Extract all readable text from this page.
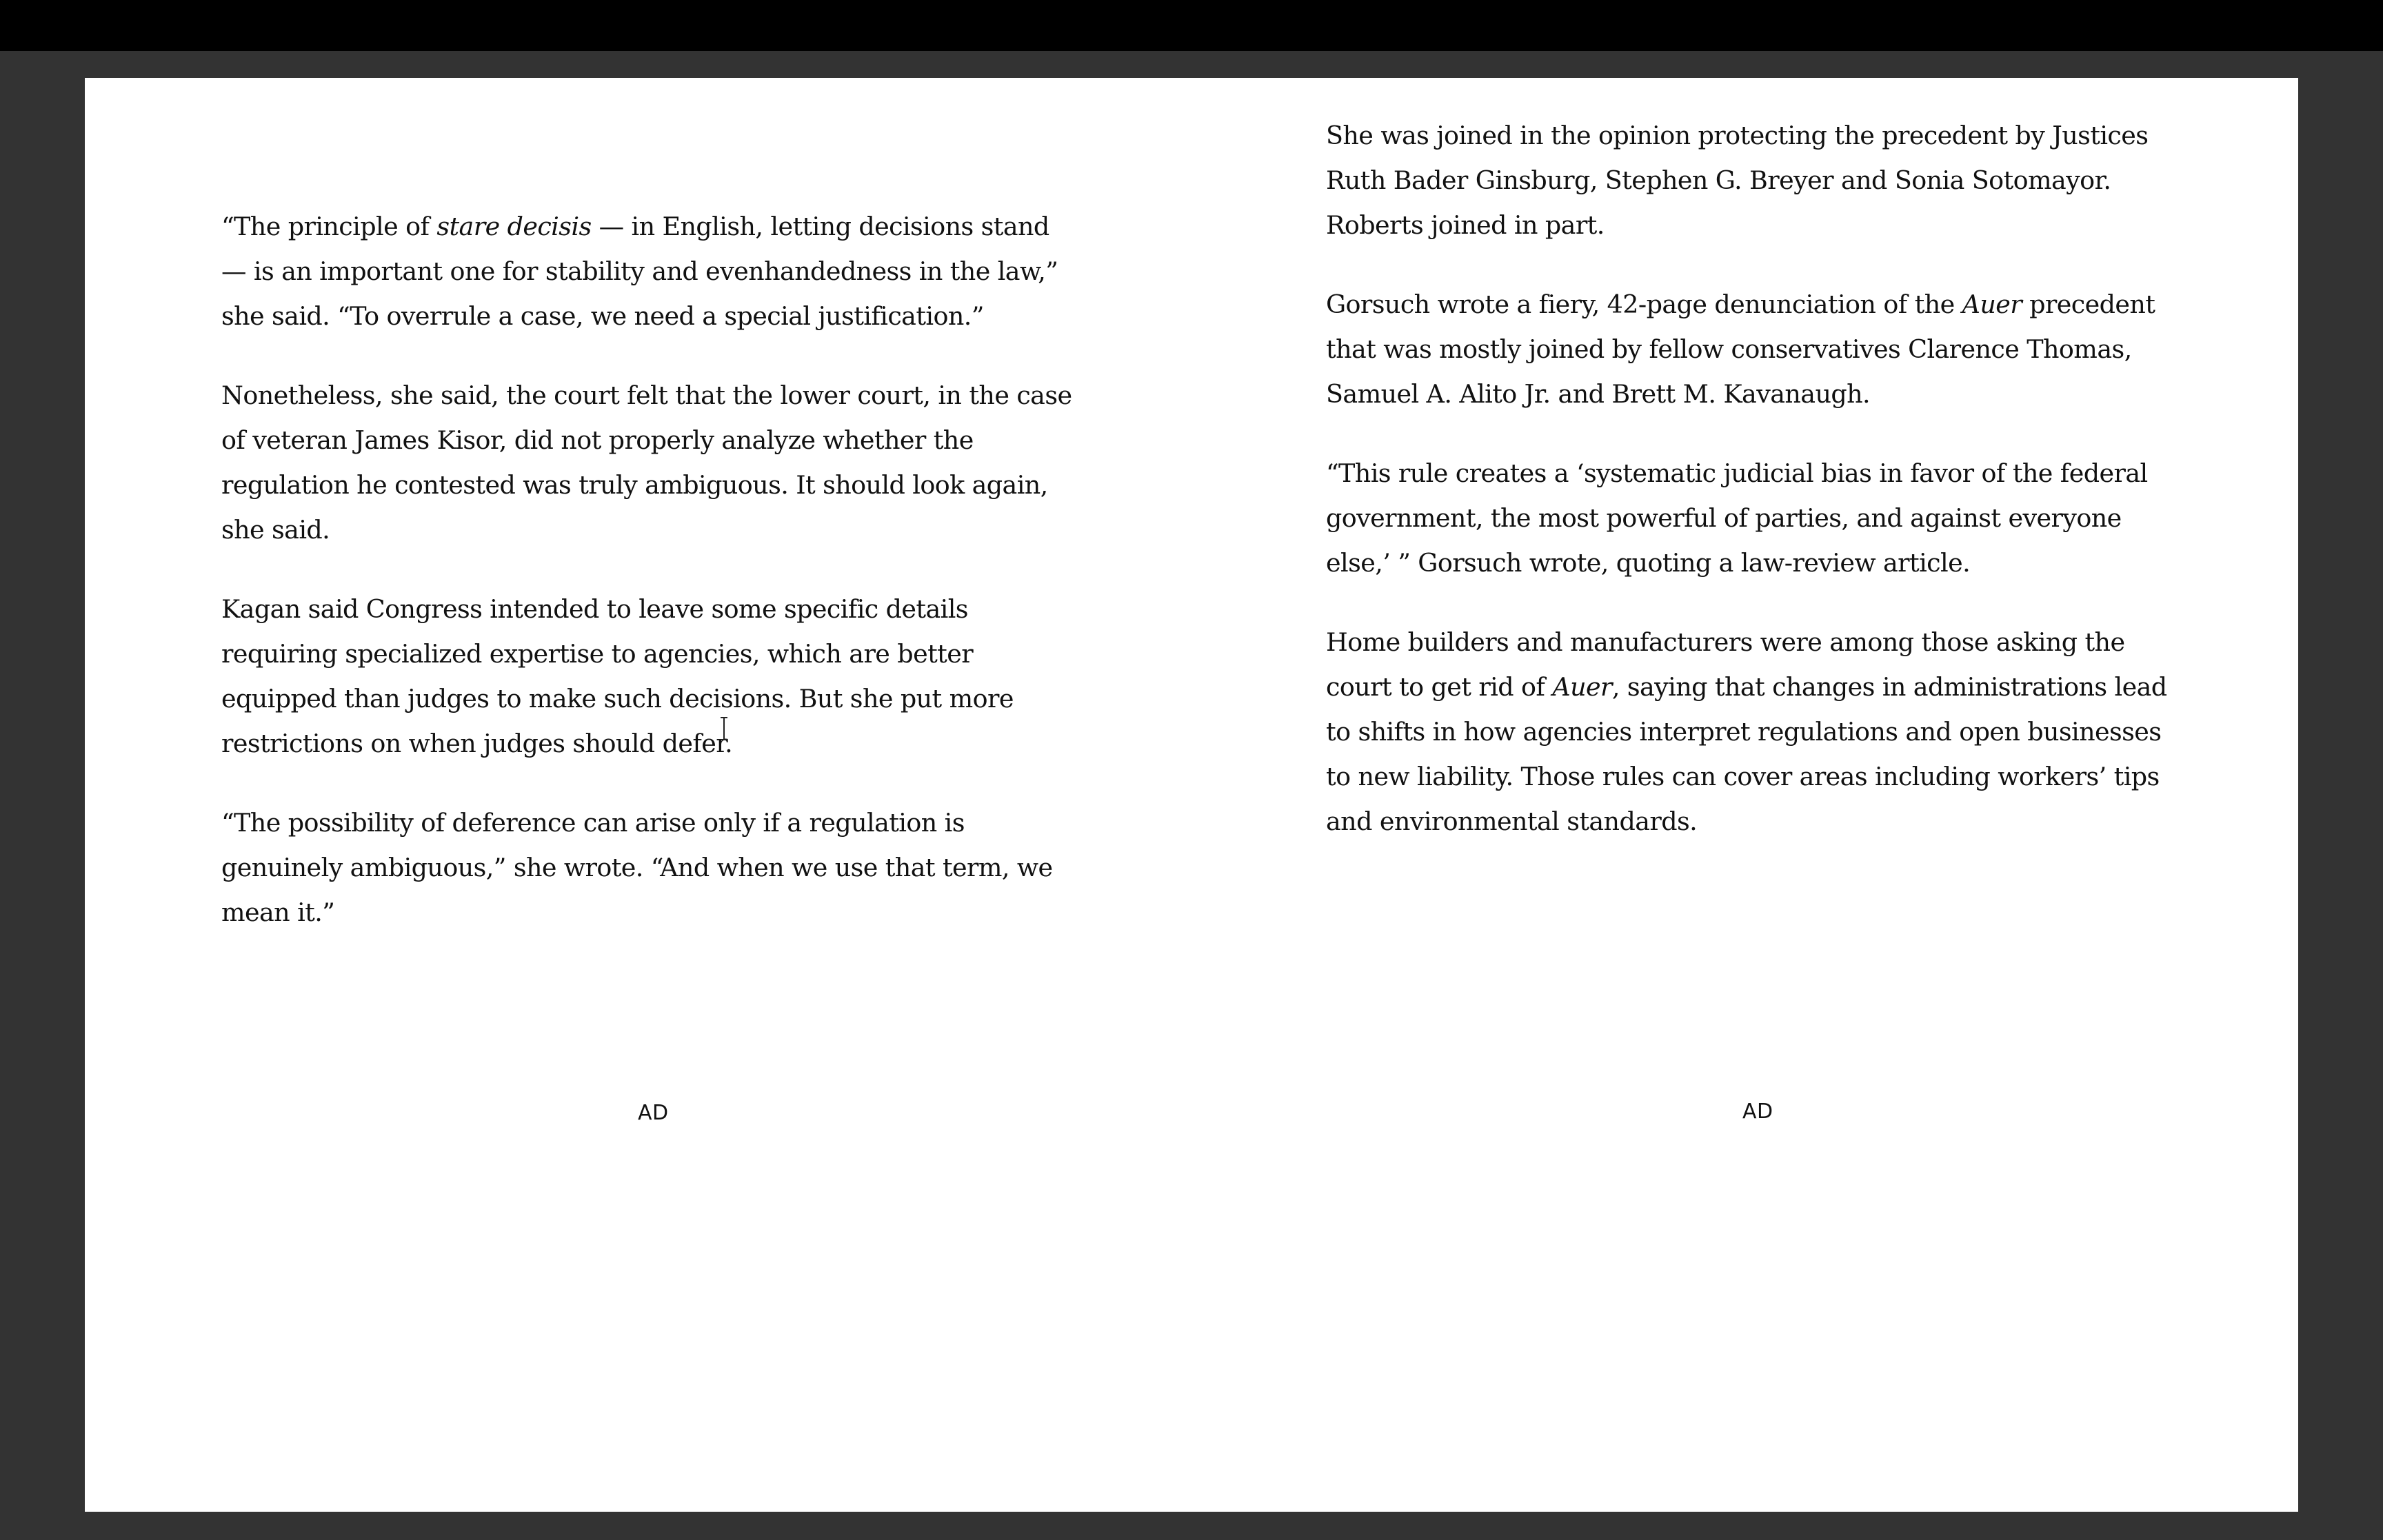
“The principle of stare decisis — in English, letting decisions stand — is an important one for stability and evenhandedness in the law,” she said. “To overrule a case, we need a special justification.”

Nonetheless, she said, the court felt that the lower court, in the case of veteran James Kisor, did not properly analyze whether the regulation he contested was truly ambiguous. It should look again, she said.

Kagan said Congress intended to leave some specific details requiring specialized expertise to agencies, which are better equipped than judges to make such decisions. But she put more restrictions on when judges should defer.

“The possibility of deference can arise only if a regulation is genuinely ambiguous,” she wrote. “And when we use that term, we mean it.”

She was joined in the opinion protecting the precedent by Justices Ruth Bader Ginsburg, Stephen G. Breyer and Sonia Sotomayor. Roberts joined in part.

Gorsuch wrote a fiery, 42-page denunciation of the Auer precedent that was mostly joined by fellow conservatives Clarence Thomas, Samuel A. Alito Jr. and Brett M. Kavanaugh.

“This rule creates a ‘systematic judicial bias in favor of the federal government, the most powerful of parties, and against everyone else,’ ” Gorsuch wrote, quoting a law-review article.

Home builders and manufacturers were among those asking the court to get rid of Auer, saying that changes in administrations lead to shifts in how agencies interpret regulations and open businesses to new liability. Those rules can cover areas including workers’ tips and environmental standards.

AD	AD
